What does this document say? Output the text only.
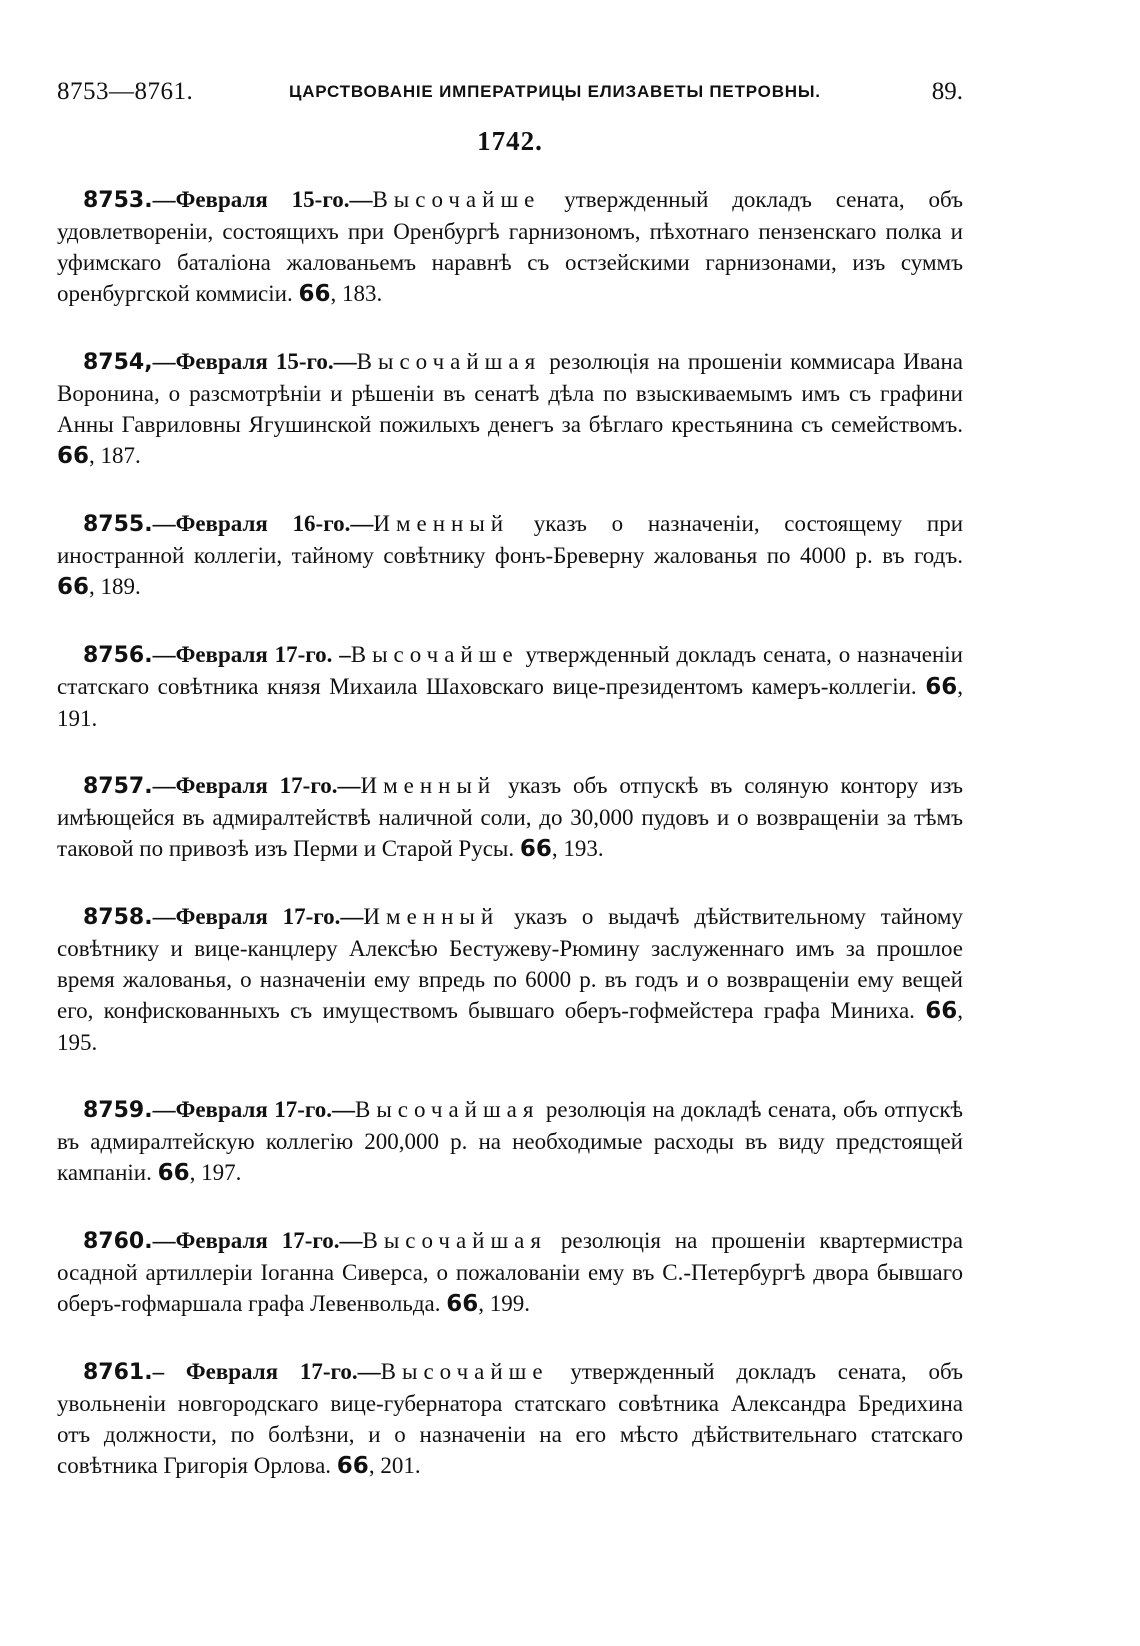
8753—8761.	ЦАРСТВОВАНІЕ ИМПЕРАТРИЦЫ ЕЛИЗАВЕТЫ ПЕТРОВНЫ.	89.
1742.

8753.—Февраля 15-го.—Высочайше утвержденный докладъ сената, объ удовлетвореніи, состоящихъ при Оренбургѣ гарнизономъ, пѣхотнаго пензенскаго полка и уфимскаго баталіона жалованьемъ наравнѣ съ остзейскими гарнизонами, изъ суммъ оренбургской коммисіи. 66, 183.

8754,—Февраля 15-го.—Высочайшая резолюція на прошеніи коммисара Ивана Воронина, о разсмотрѣніи и рѣшеніи въ сенатѣ дѣла по взыскиваемымъ имъ съ графини Анны Гавриловны Ягушинской пожилыхъ денегъ за бѣглаго крестьянина съ семействомъ. 66, 187.

8755.—Февраля 16-го.—Именный указъ о назначеніи, состоящему при иностранной коллегіи, тайному совѣтнику фонъ-Бреверну жалованья по 4000 р. въ годъ. 66, 189.

8756.—Февраля 17-го. –Высочайше утвержденный докладъ сената, о назначеніи статскаго совѣтника князя Михаила Шаховскаго вице-президентомъ камеръ-коллегіи. 66, 191.

8757.—Февраля 17-го.—Именный указъ объ отпускѣ въ соляную контору изъ имѣющейся въ адмиралтействѣ наличной соли, до 30,000 пудовъ и о возвращеніи за тѣмъ таковой по привозѣ изъ Перми и Старой Русы. 66, 193.

8758.—Февраля 17-го.—Именный указъ о выдачѣ дѣйствительному тайному совѣтнику и вице-канцлеру Алексѣю Бестужеву-Рюмину заслуженнаго имъ за прошлое время жалованья, о назначеніи ему впредь по 6000 р. въ годъ и о возвращеніи ему вещей его, конфискованныхъ съ имуществомъ бывшаго оберъ-гофмейстера графа Миниха. 66, 195.

8759.—Февраля 17-го.—Высочайшая резолюція на докладѣ сената, объ отпускѣ въ адмиралтейскую коллегію 200,000 р. на необходимые расходы въ виду предстоящей кампаніи. 66, 197.

8760.—Февраля 17-го.—Высочайшая резолюція на прошеніи квартермистра осадной артиллеріи Іоганна Сиверса, о пожалованіи ему въ С.-Петербургѣ двора бывшаго оберъ-гофмаршала графа Левенвольда. 66, 199.

8761.– Февраля 17-го.—Высочайше утвержденный докладъ сената, объ увольненіи новгородскаго вице-губернатора статскаго совѣтника Александра Бредихина отъ должности, по болѣзни, и о назначеніи на его мѣсто дѣйствительнаго статскаго совѣтника Григорія Орлова. 66, 201.
